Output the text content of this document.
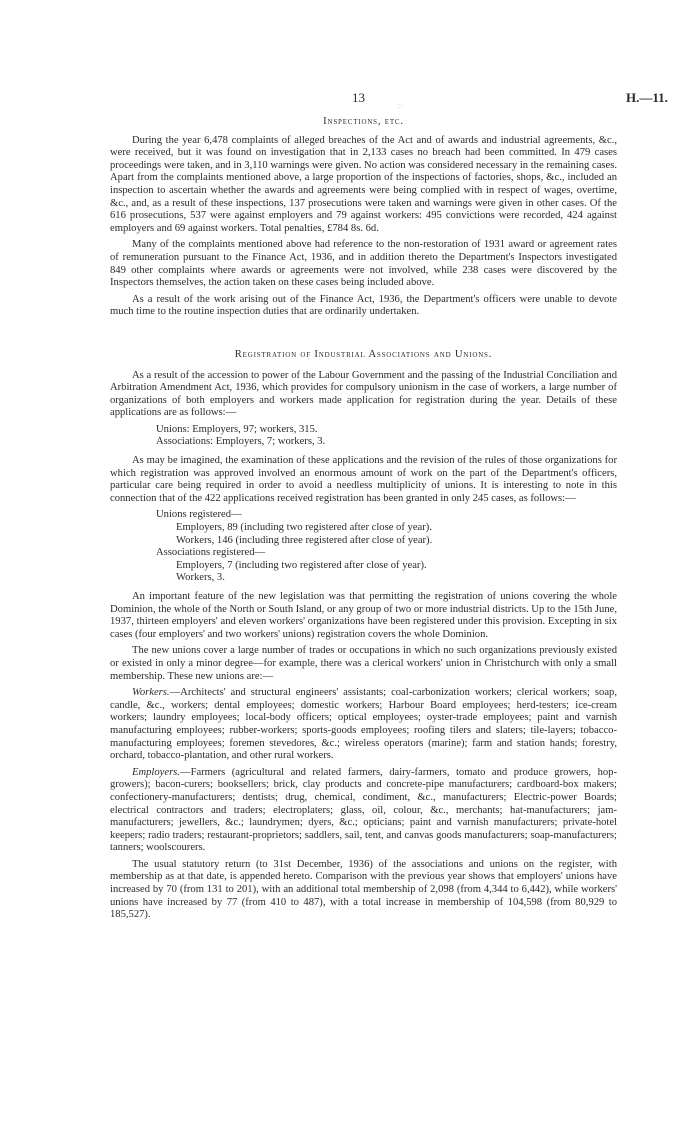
13
·:·
H.—11.
Inspections, etc.

During the year 6,478 complaints of alleged breaches of the Act and of awards and industrial agreements, &c., were received, but it was found on investigation that in 2,133 cases no breach had been committed. In 479 cases proceedings were taken, and in 3,110 warnings were given. No action was considered necessary in the remaining cases. Apart from the complaints mentioned above, a large proportion of the inspections of factories, shops, &c., included an inspection to ascertain whether the awards and agreements were being complied with in respect of wages, overtime, &c., and, as a result of these inspections, 137 prosecutions were taken and warnings were given in other cases. Of the 616 prosecutions, 537 were against employers and 79 against workers: 495 convictions were recorded, 424 against employers and 69 against workers. Total penalties, £784 8s. 6d.

Many of the complaints mentioned above had reference to the non-restoration of 1931 award or agreement rates of remuneration pursuant to the Finance Act, 1936, and in addition thereto the Department's Inspectors investigated 849 other complaints where awards or agreements were not involved, while 238 cases were discovered by the Inspectors themselves, the action taken on these cases being included above.

As a result of the work arising out of the Finance Act, 1936, the Department's officers were unable to devote much time to the routine inspection duties that are ordinarily undertaken.

Registration of Industrial Associations and Unions.

As a result of the accession to power of the Labour Government and the passing of the Industrial Conciliation and Arbitration Amendment Act, 1936, which provides for compulsory unionism in the case of workers, a large number of organizations of both employers and workers made application for registration during the year. Details of these applications are as follows:—

Unions: Employers, 97; workers, 315.
Associations: Employers, 7; workers, 3.

As may be imagined, the examination of these applications and the revision of the rules of those organizations for which registration was approved involved an enormous amount of work on the part of the Department's officers, particular care being required in order to avoid a needless multiplicity of unions. It is interesting to note in this connection that of the 422 applications received registration has been granted in only 245 cases, as follows:—

Unions registered—
Employers, 89 (including two registered after close of year).
Workers, 146 (including three registered after close of year).
Associations registered—
Employers, 7 (including two registered after close of year).
Workers, 3.

An important feature of the new legislation was that permitting the registration of unions covering the whole Dominion, the whole of the North or South Island, or any group of two or more industrial districts. Up to the 15th June, 1937, thirteen employers' and eleven workers' organizations have been registered under this provision. Excepting in six cases (four employers' and two workers' unions) registration covers the whole Dominion.

The new unions cover a large number of trades or occupations in which no such organizations previously existed or existed in only a minor degree—for example, there was a clerical workers' union in Christchurch with only a small membership. These new unions are:—

Workers.—Architects' and structural engineers' assistants; coal-carbonization workers; clerical workers; soap, candle, &c., workers; dental employees; domestic workers; Harbour Board employees; herd-testers; ice-cream workers; laundry employees; local-body officers; optical employees; oyster-trade employees; paint and varnish manufacturing employees; rubber-workers; sports-goods employees; roofing tilers and slaters; tile-layers; tobacco-manufacturing employees; foremen stevedores, &c.; wireless operators (marine); farm and station hands; forestry, orchard, tobacco-plantation, and other rural workers.

Employers.—Farmers (agricultural and related farmers, dairy-farmers, tomato and produce growers, hop-growers); bacon-curers; booksellers; brick, clay products and concrete-pipe manufacturers; cardboard-box makers; confectionery-manufacturers; dentists; drug, chemical, condiment, &c., manufacturers; Electric-power Boards; electrical contractors and traders; electroplaters; glass, oil, colour, &c., merchants; hat-manufacturers; jam-manufacturers; jewellers, &c.; laundrymen; dyers, &c.; opticians; paint and varnish manufacturers; private-hotel keepers; radio traders; restaurant-proprietors; saddlers, sail, tent, and canvas goods manufacturers; soap-manufacturers; tanners; woolscourers.

The usual statutory return (to 31st December, 1936) of the associations and unions on the register, with membership as at that date, is appended hereto. Comparison with the previous year shows that employers' unions have increased by 70 (from 131 to 201), with an additional total membership of 2,098 (from 4,344 to 6,442), while workers' unions have increased by 77 (from 410 to 487), with a total increase in membership of 104,598 (from 80,929 to 185,527).
